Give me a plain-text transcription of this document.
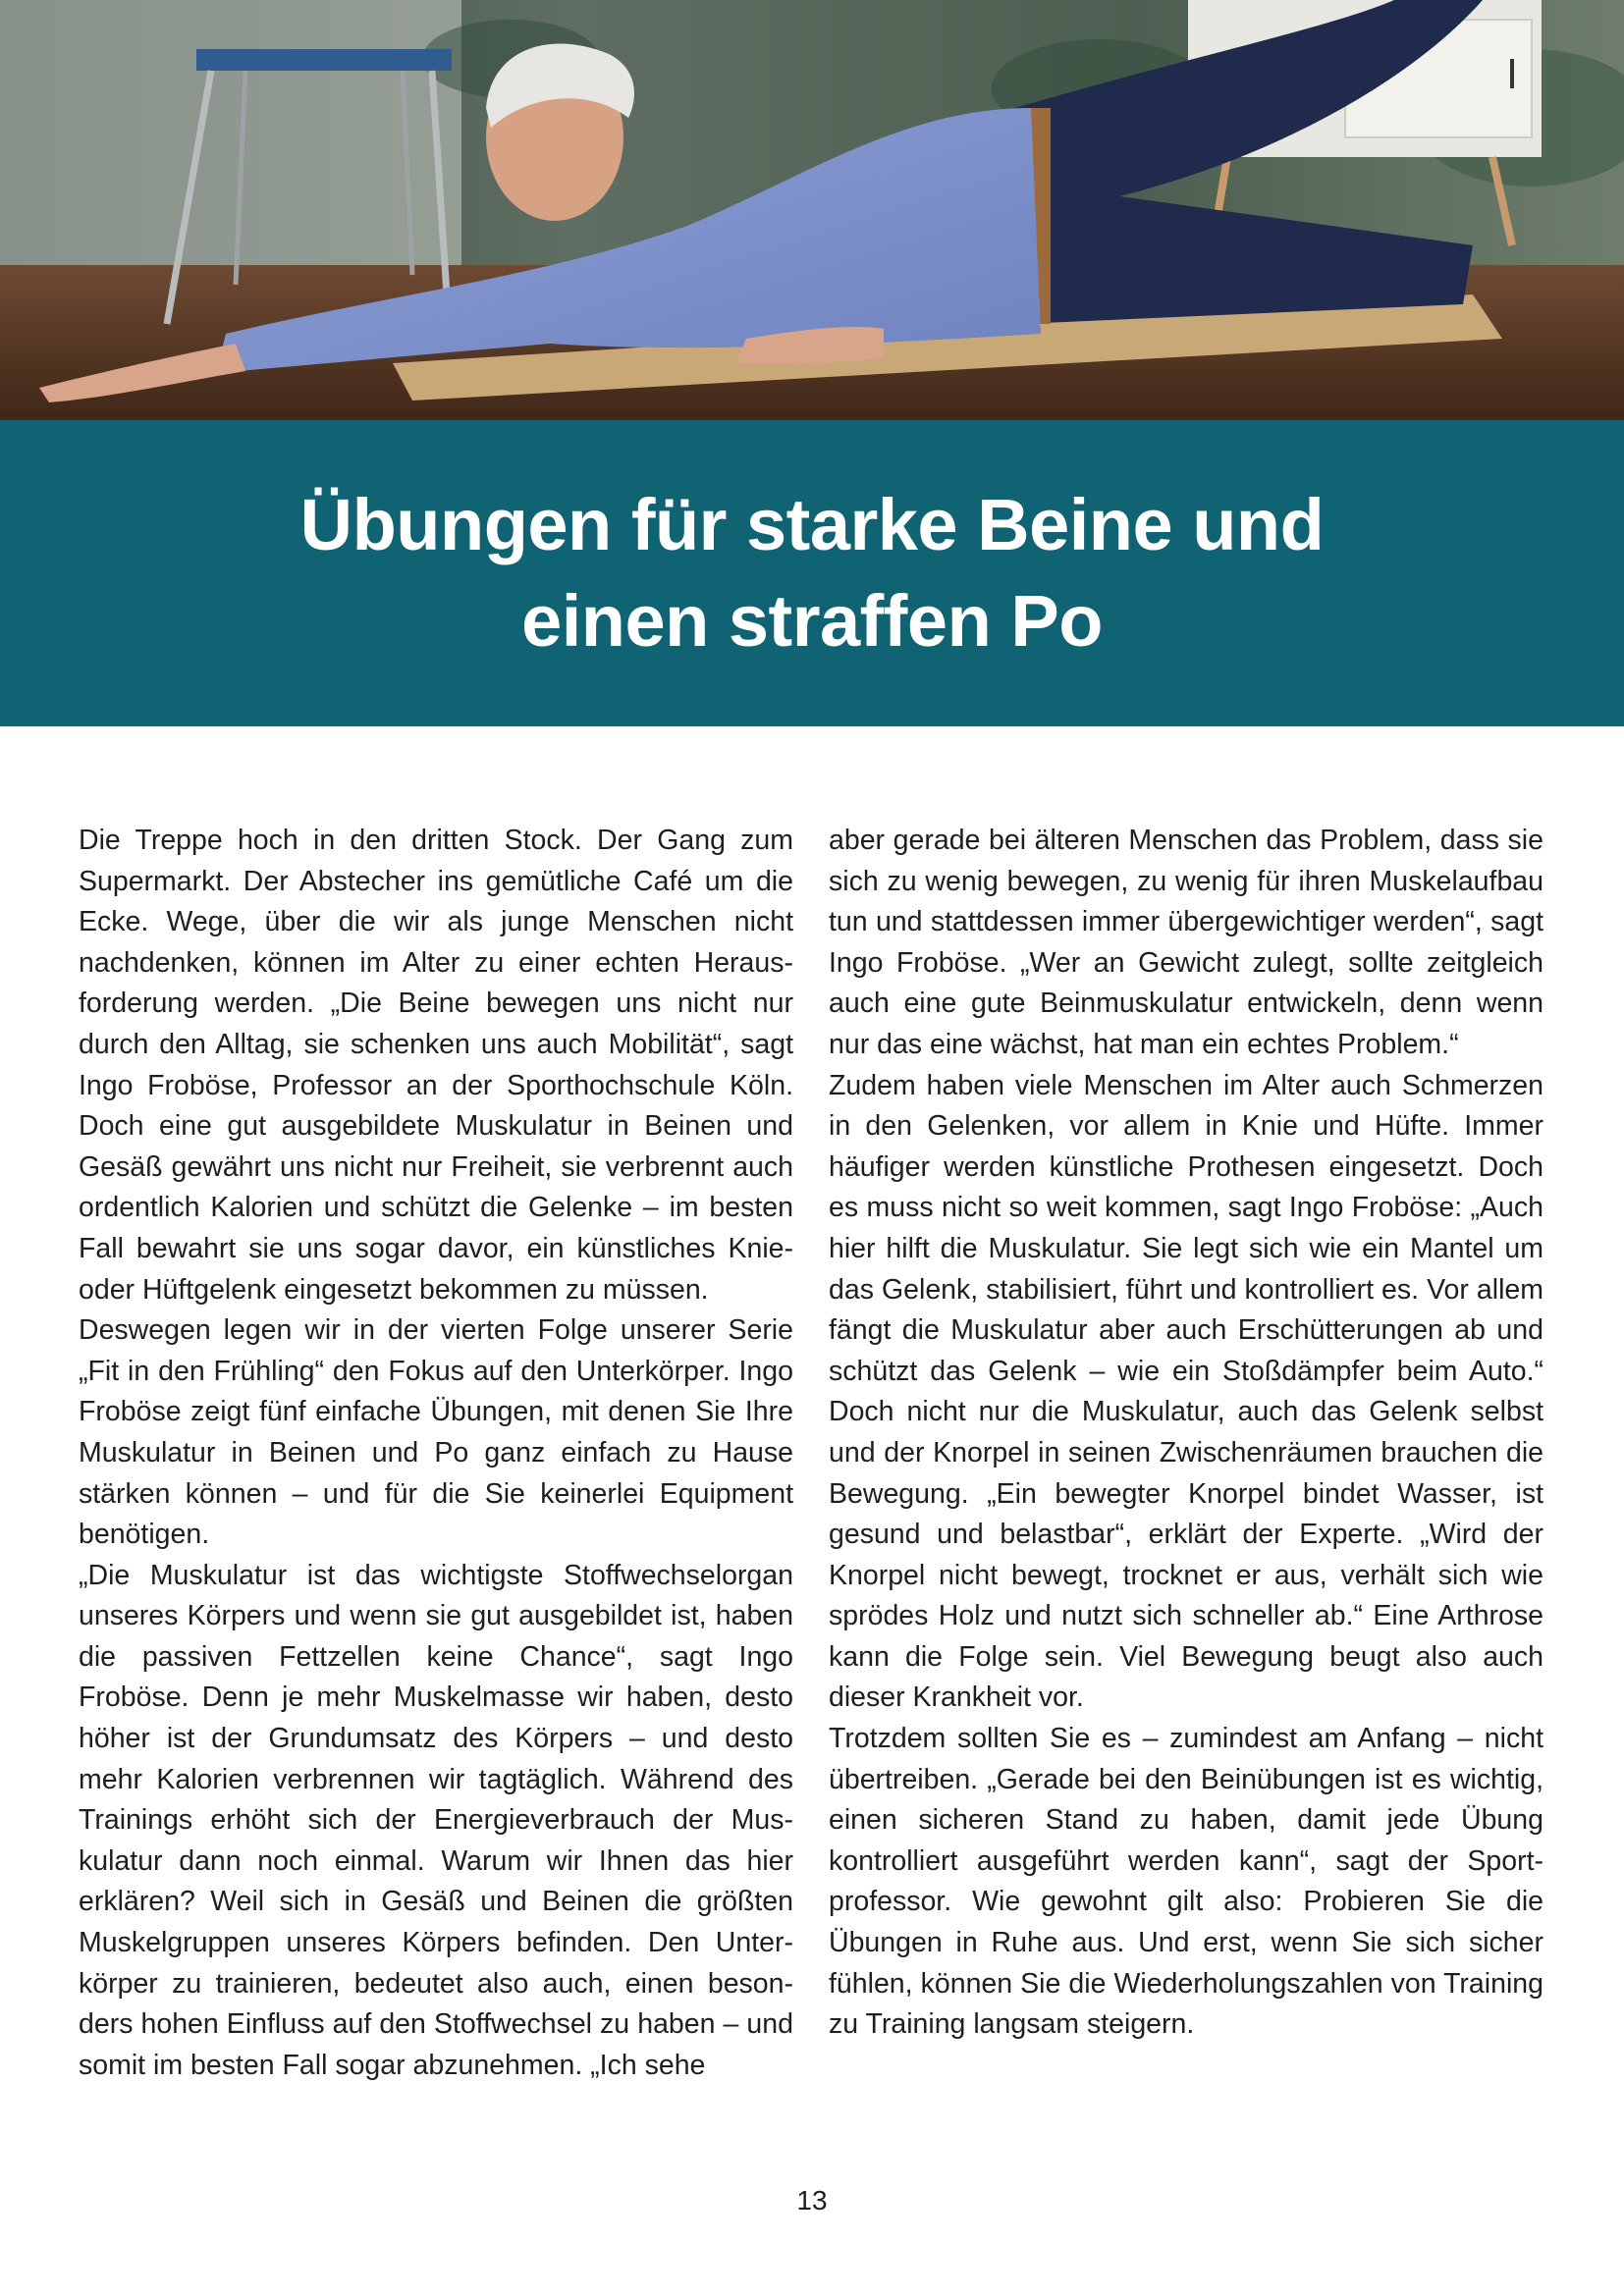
Übungen für starke Beine und
einen straffen Po

Die Treppe hoch in den dritten Stock. Der Gang zum Supermarkt. Der Abstecher ins gemütliche Café um die Ecke. Wege, über die wir als junge Menschen nicht nachdenken, können im Alter zu einer echten Herausforderung werden. „Die Beine bewegen uns nicht nur durch den Alltag, sie schenken uns auch Mobilität“, sagt Ingo Froböse, Professor an der Sporthochschule Köln. Doch eine gut ausgebildete Muskulatur in Beinen und Gesäß gewährt uns nicht nur Freiheit, sie verbrennt auch ordentlich Kalorien und schützt die Gelenke – im besten Fall bewahrt sie uns sogar davor, ein künstliches Knie- oder Hüftgelenk eingesetzt bekommen zu müssen.

Deswegen legen wir in der vierten Folge unserer Serie „Fit in den Frühling“ den Fokus auf den Unterkörper. Ingo Froböse zeigt fünf einfache Übungen, mit denen Sie Ihre Muskulatur in Beinen und Po ganz einfach zu Hause stärken können – und für die Sie keinerlei Equipment benötigen.

„Die Muskulatur ist das wichtigste Stoffwechselorgan unseres Körpers und wenn sie gut ausgebildet ist, haben die passiven Fettzellen keine Chance“, sagt Ingo Froböse. Denn je mehr Muskelmasse wir haben, desto höher ist der Grundumsatz des Körpers – und desto mehr Kalorien verbrennen wir tagtäglich. Während des Trainings erhöht sich der Energieverbrauch der Muskulatur dann noch einmal. Warum wir Ihnen das hier erklären? Weil sich in Gesäß und Beinen die größten Muskelgruppen unseres Körpers befinden. Den Unterkörper zu trainieren, bedeutet also auch, einen besonders hohen Einfluss auf den Stoffwechsel zu haben – und somit im besten Fall sogar abzunehmen. „Ich sehe

aber gerade bei älteren Menschen das Problem, dass sie sich zu wenig bewegen, zu wenig für ihren Muskelaufbau tun und stattdessen immer übergewichtiger werden“, sagt Ingo Froböse. „Wer an Gewicht zulegt, sollte zeitgleich auch eine gute Beinmuskulatur entwickeln, denn wenn nur das eine wächst, hat man ein echtes Problem.“

Zudem haben viele Menschen im Alter auch Schmerzen in den Gelenken, vor allem in Knie und Hüfte. Immer häufiger werden künstliche Prothesen eingesetzt. Doch es muss nicht so weit kommen, sagt Ingo Froböse: „Auch hier hilft die Muskulatur. Sie legt sich wie ein Mantel um das Gelenk, stabilisiert, führt und kontrolliert es. Vor allem fängt die Muskulatur aber auch Erschütterungen ab und schützt das Gelenk – wie ein Stoßdämpfer beim Auto.“ Doch nicht nur die Muskulatur, auch das Gelenk selbst und der Knorpel in seinen Zwischenräumen brauchen die Bewegung. „Ein bewegter Knorpel bindet Wasser, ist gesund und belastbar“, erklärt der Experte. „Wird der Knorpel nicht bewegt, trocknet er aus, verhält sich wie sprödes Holz und nutzt sich schneller ab.“ Eine Arthrose kann die Folge sein. Viel Bewegung beugt also auch dieser Krankheit vor.

Trotzdem sollten Sie es – zumindest am Anfang – nicht übertreiben. „Gerade bei den Beinübungen ist es wichtig, einen sicheren Stand zu haben, damit jede Übung kontrolliert ausgeführt werden kann“, sagt der Sportprofessor. Wie gewohnt gilt also: Probieren Sie die Übungen in Ruhe aus. Und erst, wenn Sie sich sicher fühlen, können Sie die Wiederholungszahlen von Training zu Training langsam steigern.

13
